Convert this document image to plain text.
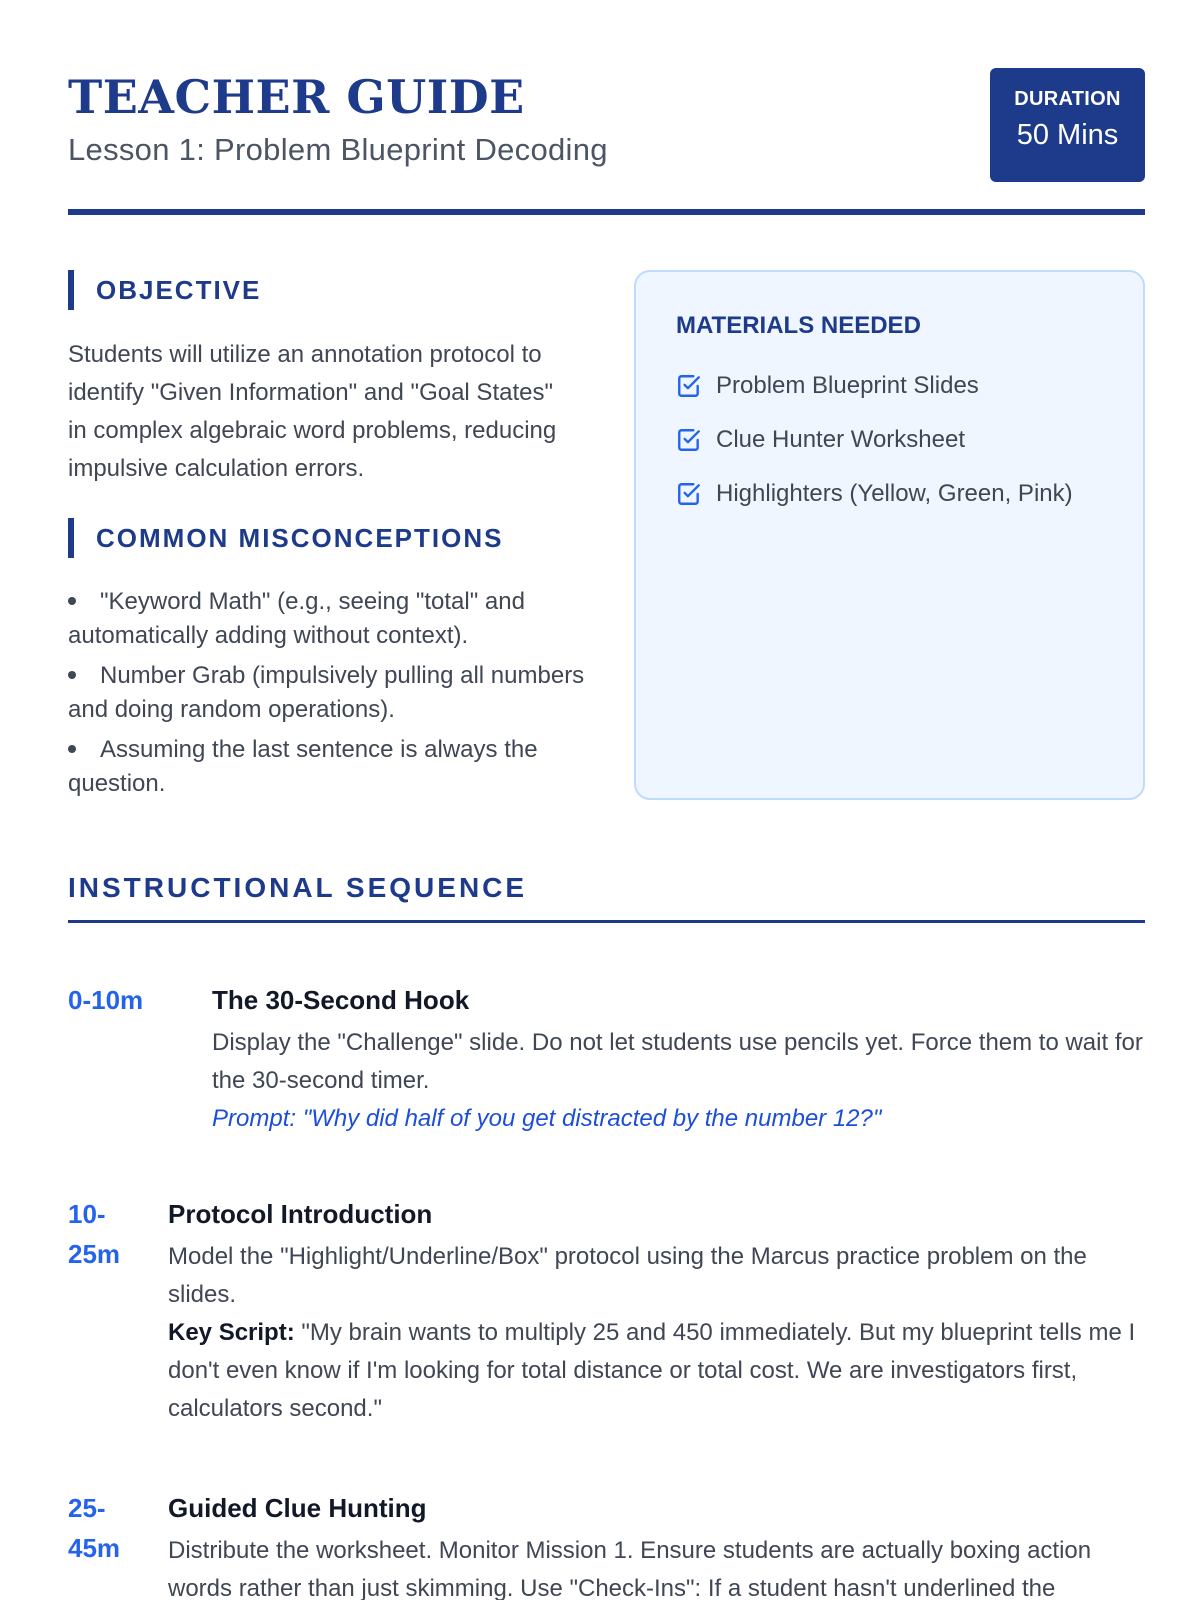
TEACHER GUIDE
Lesson 1: Problem Blueprint Decoding
DURATION
50 Mins
OBJECTIVE

Students will utilize an annotation protocol to identify "Given Information" and "Goal States" in complex algebraic word problems, reducing impulsive calculation errors.

COMMON MISCONCEPTIONS
"Keyword Math" (e.g., seeing "total" and automatically adding without context).
Number Grab (impulsively pulling all numbers and doing random operations).
Assuming the last sentence is always the question.
MATERIALS NEEDED
Problem Blueprint Slides
Clue Hunter Worksheet
Highlighters (Yellow, Green, Pink)
INSTRUCTIONAL SEQUENCE
0-10m	The 30-Second Hook
Display the "Challenge" slide. Do not let students use pencils yet. Force them to wait for the 30-second timer.
Prompt: "Why did half of you get distracted by the number 12?"
10-
25m
Protocol Introduction
Model the "Highlight/Underline/Box" protocol using the Marcus practice problem on the slides.
Key Script: "My brain wants to multiply 25 and 450 immediately. But my blueprint tells me I don't even know if I'm looking for total distance or total cost. We are investigators first, calculators second."
25-
45m
Guided Clue Hunting
Distribute the worksheet. Monitor Mission 1. Ensure students are actually boxing action words rather than just skimming. Use "Check-Ins": If a student hasn't underlined the
